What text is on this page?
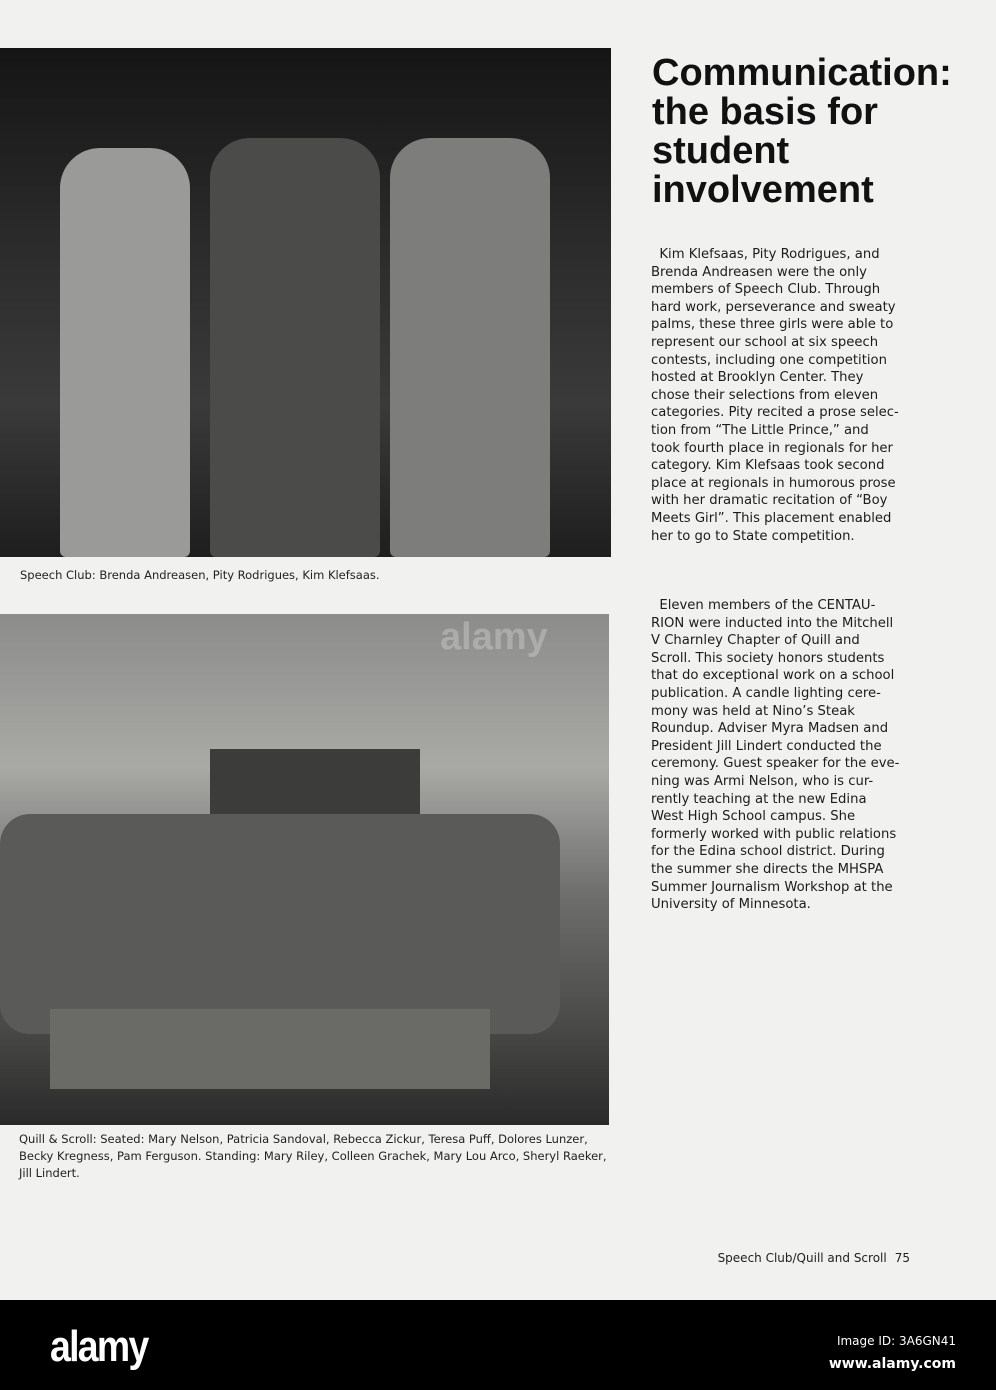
Speech Club: Brenda Andreasen, Pity Rodrigues, Kim Klefsaas.
alamy
Quill & Scroll: Seated: Mary Nelson, Patricia Sandoval, Rebecca Zickur, Teresa Puff, Dolores Lunzer, Becky Kregness, Pam Ferguson. Standing: Mary Riley, Colleen Grachek, Mary Lou Arco, Sheryl Raeker, Jill Lindert.
Communication:
the basis for
student
involvement
Kim Klefsaas, Pity Rodrigues, and
Brenda Andreasen were the only
members of Speech Club. Through
hard work, perseverance and sweaty
palms, these three girls were able to
represent our school at six speech
contests, including one competition
hosted at Brooklyn Center. They
chose their selections from eleven
categories. Pity recited a prose selec-
tion from “The Little Prince,” and
took fourth place in regionals for her
category. Kim Klefsaas took second
place at regionals in humorous prose
with her dramatic recitation of “Boy
Meets Girl”. This placement enabled
her to go to State competition.
Eleven members of the CENTAU-
RION were inducted into the Mitchell
V Charnley Chapter of Quill and
Scroll. This society honors students
that do exceptional work on a school
publication. A candle lighting cere-
mony was held at Nino’s Steak
Roundup. Adviser Myra Madsen and
President Jill Lindert conducted the
ceremony. Guest speaker for the eve-
ning was Armi Nelson, who is cur-
rently teaching at the new Edina
West High School campus. She
formerly worked with public relations
for the Edina school district. During
the summer she directs the MHSPA
Summer Journalism Workshop at the
University of Minnesota.
Speech Club/Quill and Scroll 75
alamy	Image ID: 3A6GN41
www.alamy.com
